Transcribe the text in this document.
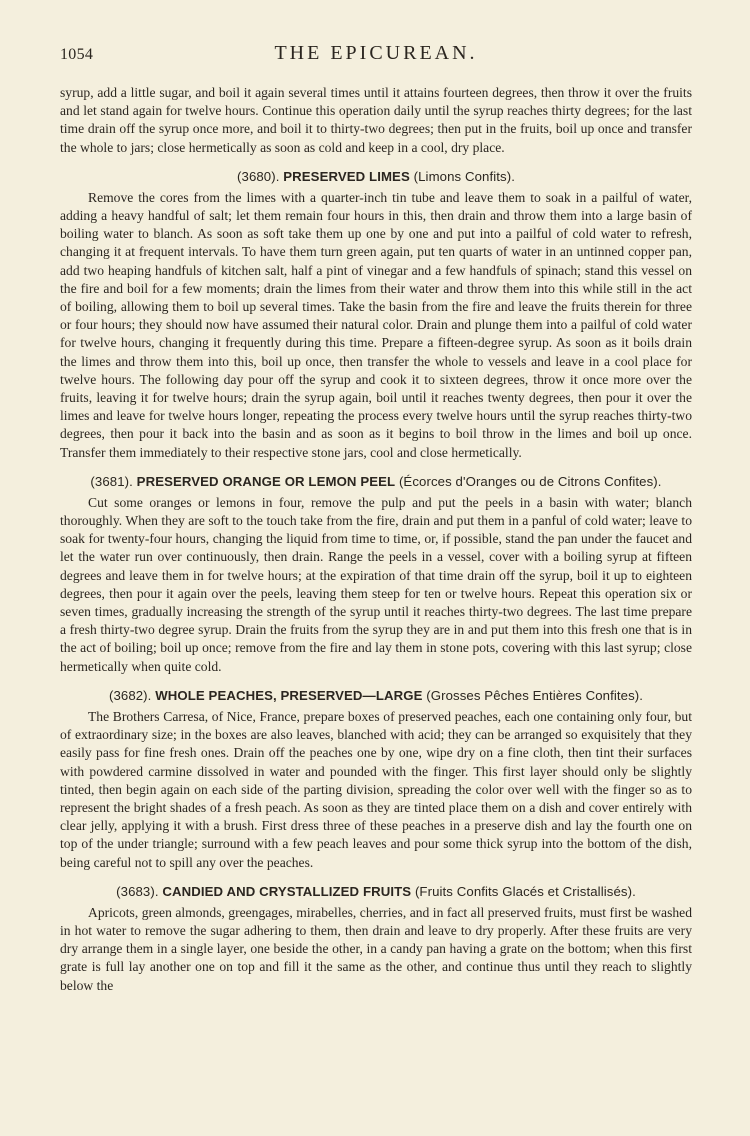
1054	THE EPICUREAN.

syrup, add a little sugar, and boil it again several times until it attains fourteen degrees, then throw it over the fruits and let stand again for twelve hours. Continue this operation daily until the syrup reaches thirty degrees; for the last time drain off the syrup once more, and boil it to thirty-two degrees; then put in the fruits, boil up once and transfer the whole to jars; close hermetically as soon as cold and keep in a cool, dry place.

(3680). PRESERVED LIMES (Limons Confits).

Remove the cores from the limes with a quarter-inch tin tube and leave them to soak in a pailful of water, adding a heavy handful of salt; let them remain four hours in this, then drain and throw them into a large basin of boiling water to blanch. As soon as soft take them up one by one and put into a pailful of cold water to refresh, changing it at frequent intervals. To have them turn green again, put ten quarts of water in an untinned copper pan, add two heaping handfuls of kitchen salt, half a pint of vinegar and a few handfuls of spinach; stand this vessel on the fire and boil for a few moments; drain the limes from their water and throw them into this while still in the act of boiling, allowing them to boil up several times. Take the basin from the fire and leave the fruits therein for three or four hours; they should now have assumed their natural color. Drain and plunge them into a pailful of cold water for twelve hours, changing it frequently during this time. Prepare a fifteen-degree syrup. As soon as it boils drain the limes and throw them into this, boil up once, then transfer the whole to vessels and leave in a cool place for twelve hours. The following day pour off the syrup and cook it to sixteen degrees, throw it once more over the fruits, leaving it for twelve hours; drain the syrup again, boil until it reaches twenty degrees, then pour it over the limes and leave for twelve hours longer, repeating the process every twelve hours until the syrup reaches thirty-two degrees, then pour it back into the basin and as soon as it begins to boil throw in the limes and boil up once. Transfer them immediately to their respective stone jars, cool and close hermetically.

(3681). PRESERVED ORANGE OR LEMON PEEL (Écorces d'Oranges ou de Citrons Confites).

Cut some oranges or lemons in four, remove the pulp and put the peels in a basin with water; blanch thoroughly. When they are soft to the touch take from the fire, drain and put them in a panful of cold water; leave to soak for twenty-four hours, changing the liquid from time to time, or, if possible, stand the pan under the faucet and let the water run over continuously, then drain. Range the peels in a vessel, cover with a boiling syrup at fifteen degrees and leave them in for twelve hours; at the expiration of that time drain off the syrup, boil it up to eighteen degrees, then pour it again over the peels, leaving them steep for ten or twelve hours. Repeat this operation six or seven times, gradually increasing the strength of the syrup until it reaches thirty-two degrees. The last time prepare a fresh thirty-two degree syrup. Drain the fruits from the syrup they are in and put them into this fresh one that is in the act of boiling; boil up once; remove from the fire and lay them in stone pots, covering with this last syrup; close hermetically when quite cold.

(3682). WHOLE PEACHES, PRESERVED—LARGE (Grosses Pêches Entières Confites).

The Brothers Carresa, of Nice, France, prepare boxes of preserved peaches, each one containing only four, but of extraordinary size; in the boxes are also leaves, blanched with acid; they can be arranged so exquisitely that they easily pass for fine fresh ones. Drain off the peaches one by one, wipe dry on a fine cloth, then tint their surfaces with powdered carmine dissolved in water and pounded with the finger. This first layer should only be slightly tinted, then begin again on each side of the parting division, spreading the color over well with the finger so as to represent the bright shades of a fresh peach. As soon as they are tinted place them on a dish and cover entirely with clear jelly, applying it with a brush. First dress three of these peaches in a preserve dish and lay the fourth one on top of the under triangle; surround with a few peach leaves and pour some thick syrup into the bottom of the dish, being careful not to spill any over the peaches.

(3683). CANDIED AND CRYSTALLIZED FRUITS (Fruits Confits Glacés et Cristallisés).

Apricots, green almonds, greengages, mirabelles, cherries, and in fact all preserved fruits, must first be washed in hot water to remove the sugar adhering to them, then drain and leave to dry properly. After these fruits are very dry arrange them in a single layer, one beside the other, in a candy pan having a grate on the bottom; when this first grate is full lay another one on top and fill it the same as the other, and continue thus until they reach to slightly below the
